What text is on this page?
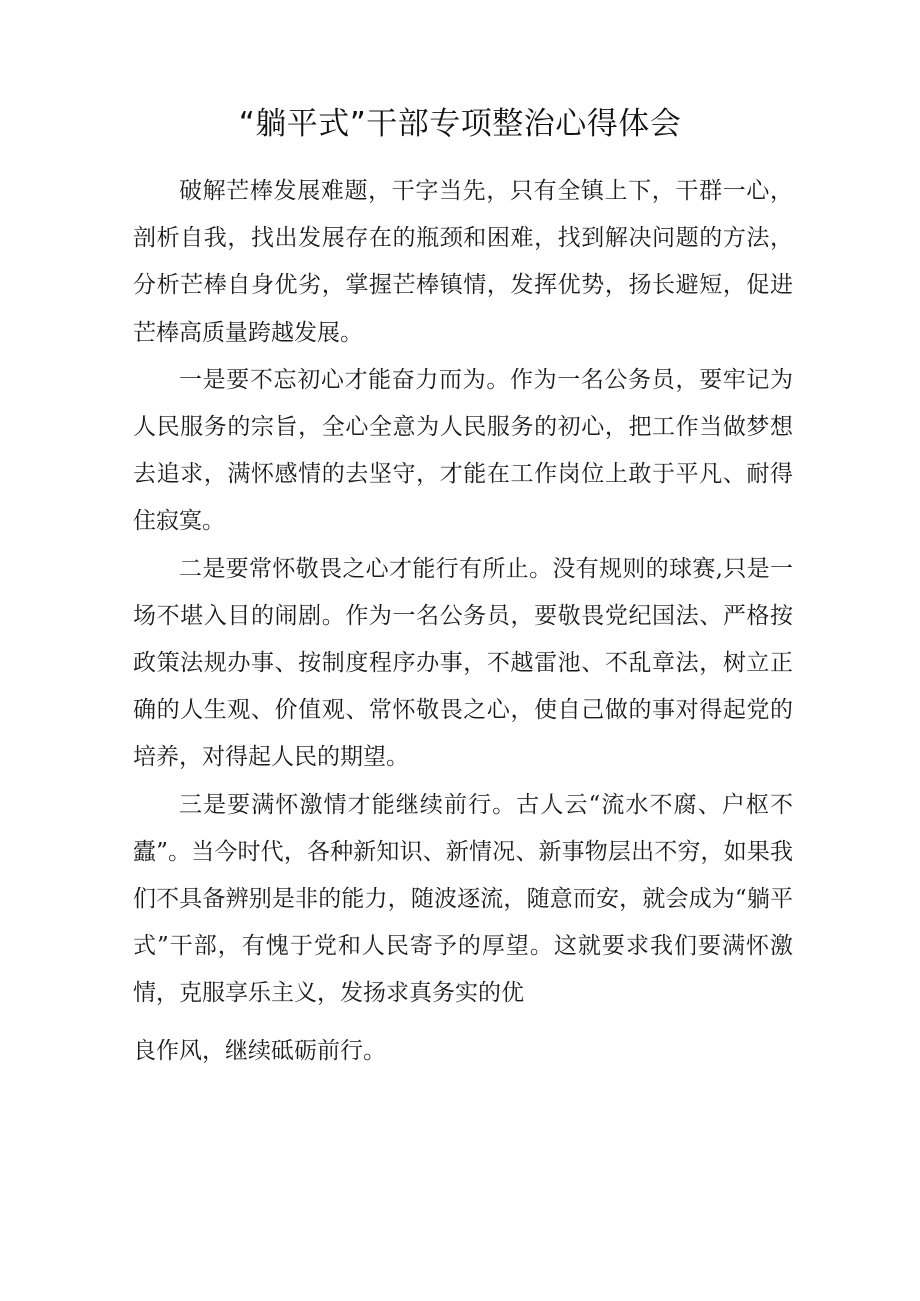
“躺平式”干部专项整治心得体会

破解芒棒发展难题，干字当先，只有全镇上下，干群一心，剖析自我，找出发展存在的瓶颈和困难，找到解决问题的方法，分析芒棒自身优劣，掌握芒棒镇情，发挥优势，扬长避短，促进芒棒高质量跨越发展。

一是要不忘初心才能奋力而为。作为一名公务员，要牢记为人民服务的宗旨，全心全意为人民服务的初心，把工作当做梦想去追求，满怀感情的去坚守，才能在工作岗位上敢于平凡、耐得住寂寞。

二是要常怀敬畏之心才能行有所止。没有规则的球赛,只是一场不堪入目的闹剧。作为一名公务员，要敬畏党纪国法、严格按政策法规办事、按制度程序办事，不越雷池、不乱章法，树立正确的人生观、价值观、常怀敬畏之心，使自己做的事对得起党的培养，对得起人民的期望。

三是要满怀激情才能继续前行。古人云“流水不腐、户枢不蠹”。当今时代，各种新知识、新情况、新事物层出不穷，如果我们不具备辨别是非的能力，随波逐流，随意而安，就会成为“躺平式”干部，有愧于党和人民寄予的厚望。这就要求我们要满怀激情，克服享乐主义，发扬求真务实的优

良作风，继续砥砺前行。
